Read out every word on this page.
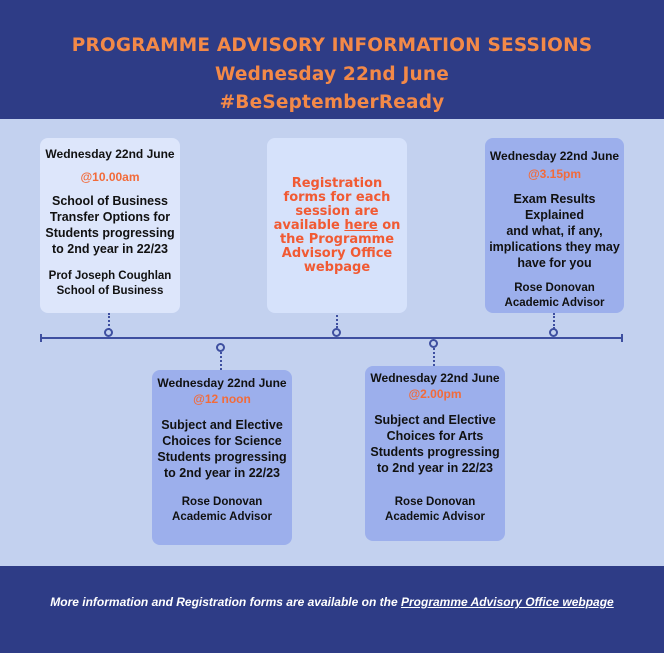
PROGRAMME ADVISORY INFORMATION SESSIONS
Wednesday 22nd June
#BeSeptemberReady
Wednesday 22nd June
@10.00am
School of Business
Transfer Options for
Students progressing
to 2nd year in 22/23
Prof Joseph Coughlan
School of Business
Registration
forms for each
session are
available here on
the Programme
Advisory Office
webpage
Wednesday 22nd June
@3.15pm
Exam Results Explained
and what, if any,
implications they may
have for you
Rose Donovan
Academic Advisor
Wednesday 22nd June
@12 noon
Subject and Elective
Choices for Science
Students progressing
to 2nd year in 22/23
Rose Donovan
Academic Advisor
Wednesday 22nd June
@2.00pm
Subject and Elective
Choices for Arts
Students progressing
to 2nd year in 22/23
Rose Donovan
Academic Advisor
More information and Registration forms are available on the Programme Advisory Office webpage
